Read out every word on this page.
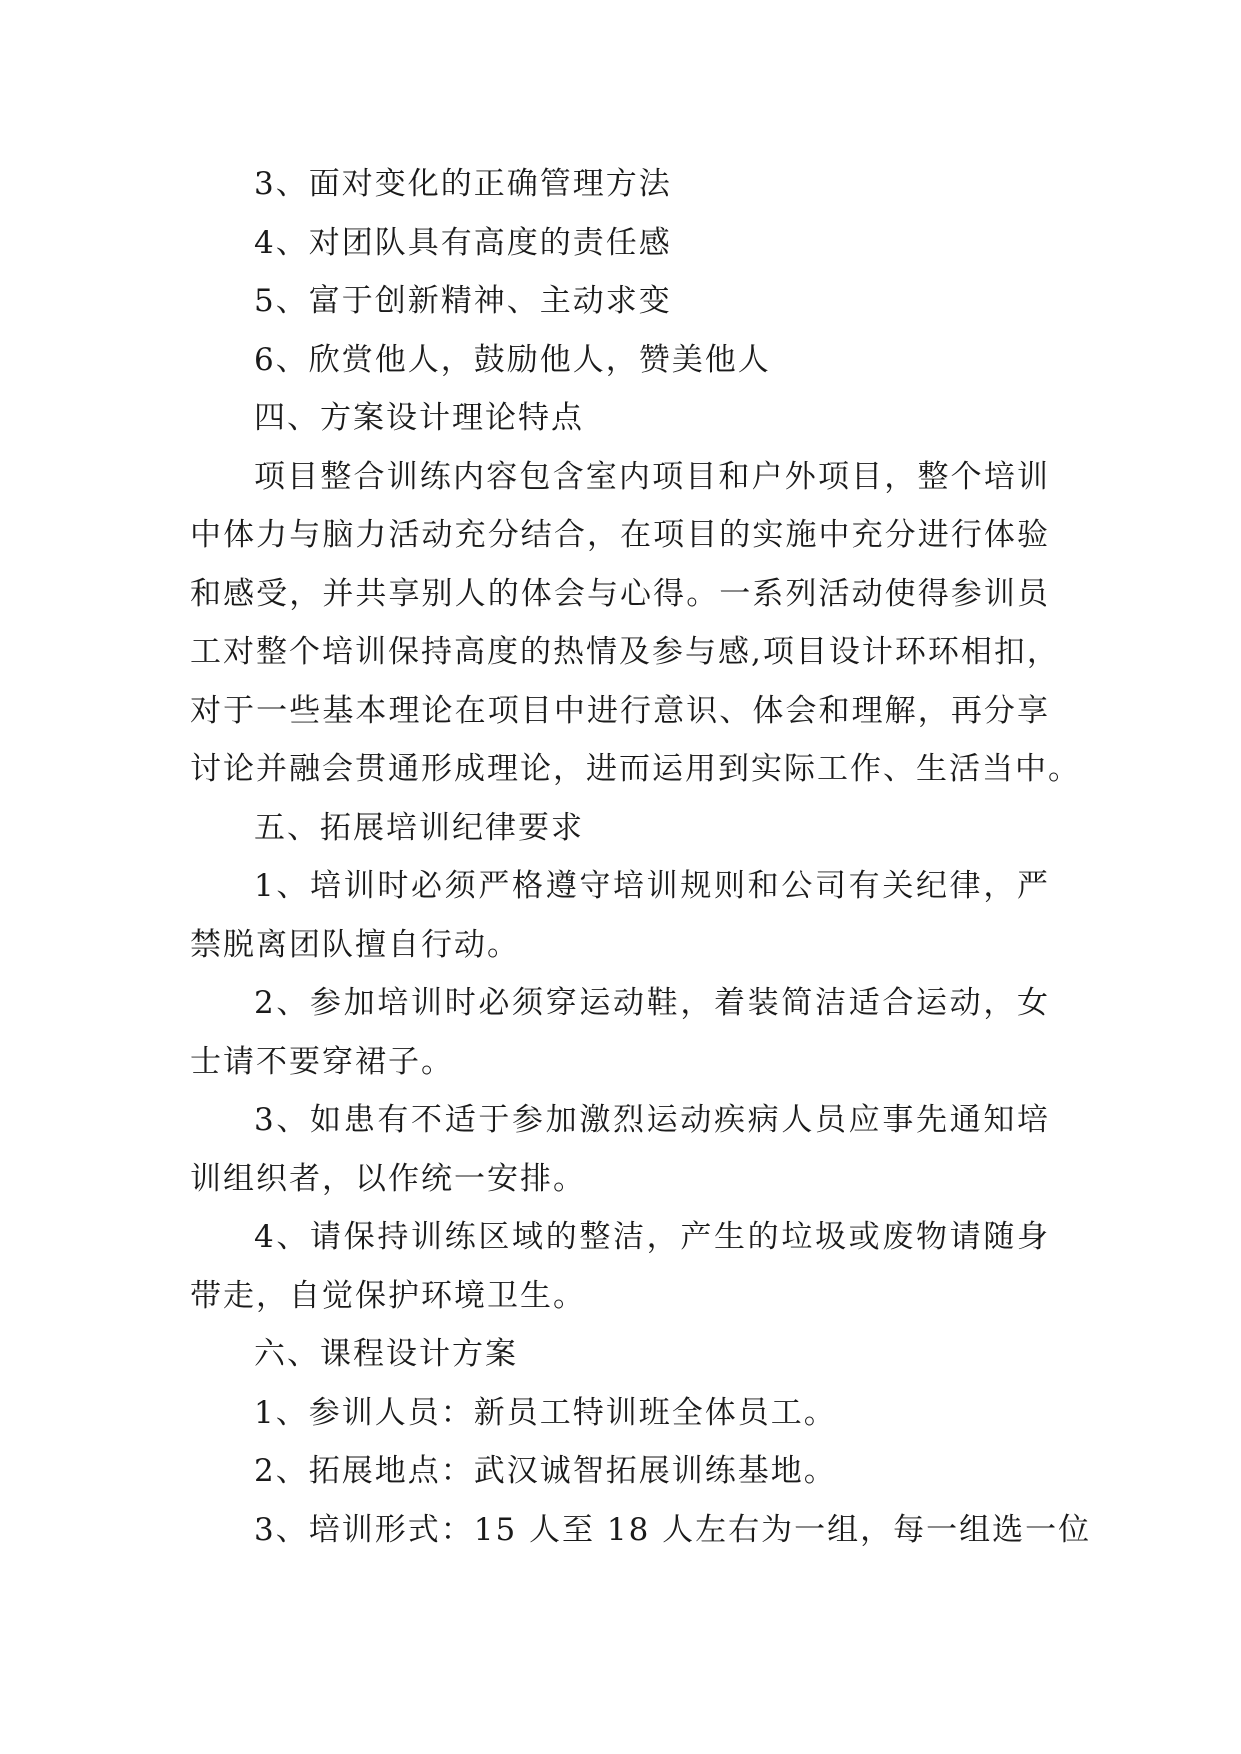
3、面对变化的正确管理方法
4、对团队具有高度的责任感
5、富于创新精神、主动求变
6、欣赏他人，鼓励他人，赞美他人
四、方案设计理论特点
项目整合训练内容包含室内项目和户外项目，整个培训
中体力与脑力活动充分结合，在项目的实施中充分进行体验
和感受，并共享别人的体会与心得。一系列活动使得参训员
工对整个培训保持高度的热情及参与感,项目设计环环相扣，
对于一些基本理论在项目中进行意识、体会和理解，再分享
讨论并融会贯通形成理论，进而运用到实际工作、生活当中。
五、拓展培训纪律要求
1、培训时必须严格遵守培训规则和公司有关纪律，严
禁脱离团队擅自行动。
2、参加培训时必须穿运动鞋，着装简洁适合运动，女
士请不要穿裙子。
3、如患有不适于参加激烈运动疾病人员应事先通知培
训组织者，以作统一安排。
4、请保持训练区域的整洁，产生的垃圾或废物请随身
带走，自觉保护环境卫生。
六、课程设计方案
1、参训人员：新员工特训班全体员工。
2、拓展地点：武汉诚智拓展训练基地。
3、培训形式：15 人至 18 人左右为一组，每一组选一位
